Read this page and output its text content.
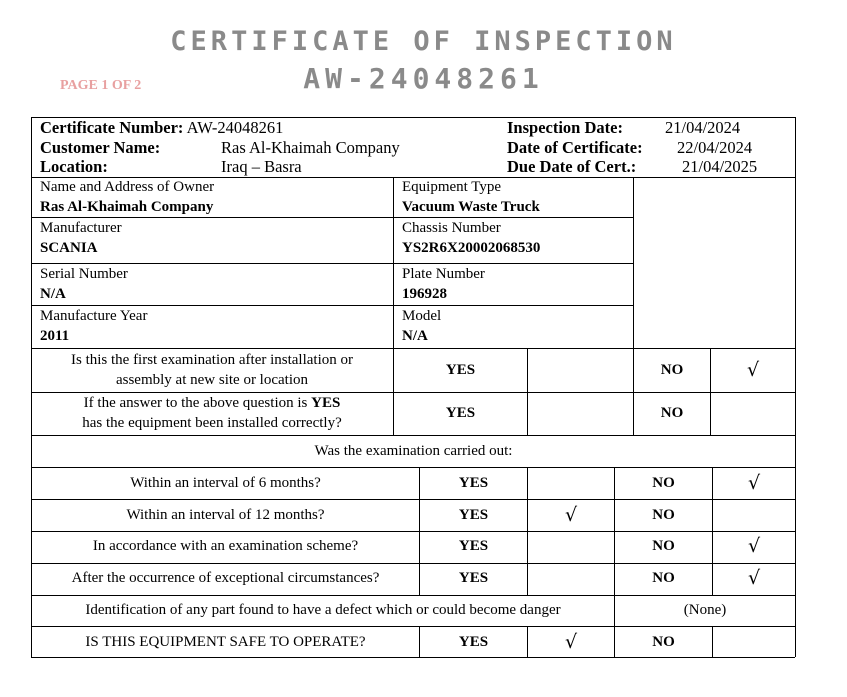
CERTIFICATE OF INSPECTION
AW-24048261
PAGE 1 OF 2
Certificate Number: AW-24048261
Customer Name:	Ras Al-Khaimah Company
Location:	Iraq – Basra
Inspection Date:	21/04/2024
Date of Certificate: 22/04/2024
Due Date of Cert.:	21/04/2025
Name and Address of Owner
Ras Al-Khaimah Company
Equipment Type
Vacuum Waste Truck
Manufacturer
SCANIA
Chassis Number
YS2R6X20002068530
Serial Number
N/A
Plate Number
196928
Manufacture Year
2011
Model
N/A
Is this the first examination after installation or
assembly at new site or location
YES	NO	√
If the answer to the above question is YES
has the equipment been installed correctly?
YES	NO
Was the examination carried out:
Within an interval of 6 months?	YES	NO	√
Within an interval of 12 months?	YES	√	NO
In accordance with an examination scheme?	YES	NO	√
After the occurrence of exceptional circumstances?	YES	NO	√
Identification of any part found to have a defect which or could become danger	(None)
IS THIS EQUIPMENT SAFE TO OPERATE?	YES	√	NO
